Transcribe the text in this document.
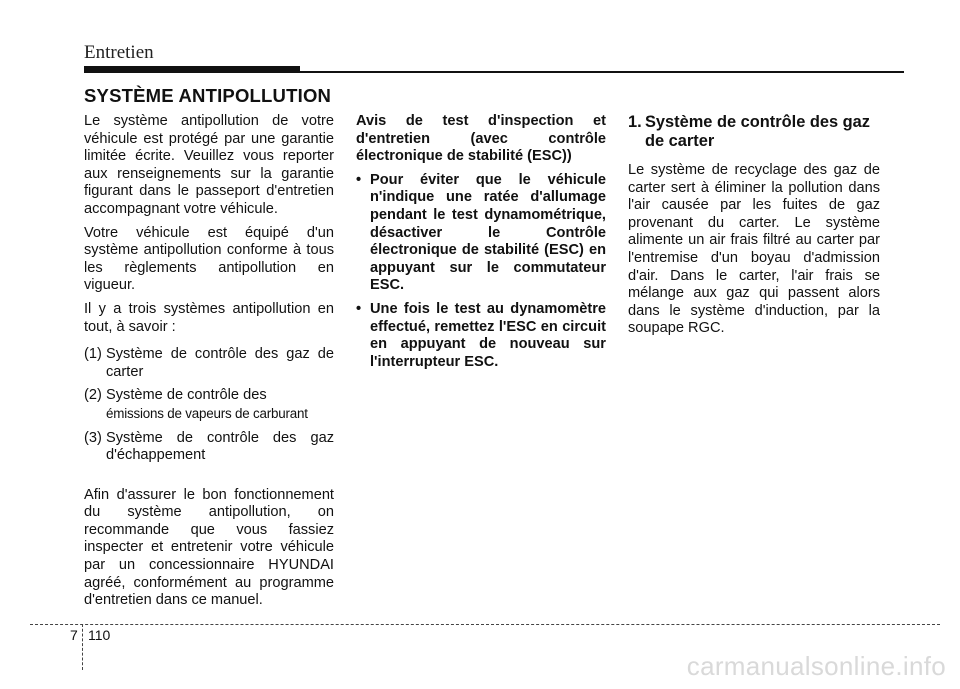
Entretien
SYSTÈME ANTIPOLLUTION

Le système antipollution de votre véhicule est protégé par une garantie limitée écrite. Veuillez vous reporter aux renseignements sur la garantie figurant dans le passeport d'entretien accompagnant votre véhicule.

Votre véhicule est équipé d'un système antipollution conforme à tous les règlements antipollution en vigueur.

Il y a trois systèmes antipollution en tout, à savoir :

(1) Système de contrôle des gaz de carter
(2) Système de contrôle des
émissions de vapeurs de carburant
(3) Système de contrôle des gaz d'échappement

Afin d'assurer le bon fonctionnement du système antipollution, on recommande que vous fassiez inspecter et entretenir votre véhicule par un concessionnaire HYUNDAI agréé, conformément au programme d'entretien dans ce manuel.

Avis de test d'inspection et d'entretien (avec contrôle électronique de stabilité (ESC))

• Pour éviter que le véhicule n'indique une ratée d'allumage pendant le test dynamométrique, désactiver le Contrôle électronique de stabilité (ESC) en appuyant sur le commutateur ESC.
• Une fois le test au dynamomètre effectué, remettez l'ESC en circuit en appuyant de nouveau sur l'interrupteur ESC.
1. Système de contrôle des gaz de carter

Le système de recyclage des gaz de carter sert à éliminer la pollution dans l'air causée par les fuites de gaz provenant du carter. Le système alimente un air frais filtré au carter par l'entremise d'un boyau d'admission d'air. Dans le carter, l'air frais se mélange aux gaz qui passent alors dans le système d'induction, par la soupape RGC.

7 110
carmanualsonline.info
